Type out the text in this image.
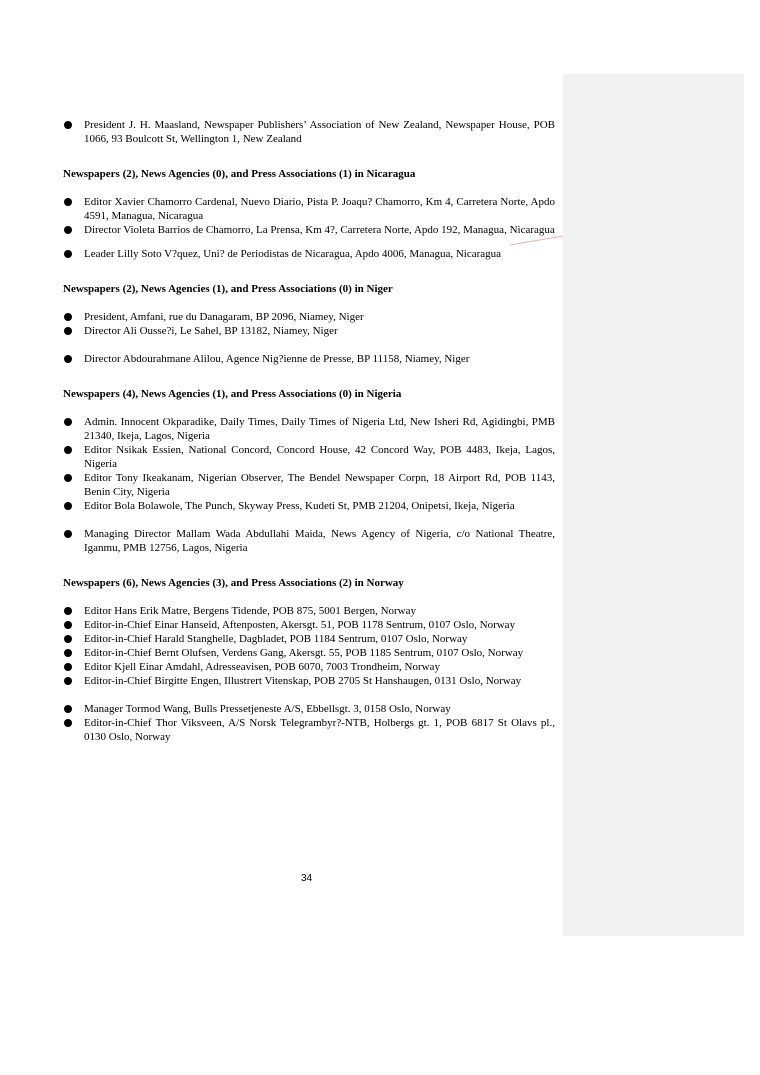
President J. H. Maasland, Newspaper Publishers’ Association of New Zealand, Newspaper House, POB 1066, 93 Boulcott St, Wellington 1, New Zealand

Newspapers (2), News Agencies (0), and Press Associations (1) in Nicaragua

Editor Xavier Chamorro Cardenal, Nuevo Diario, Pista P. Joaqu? Chamorro, Km 4, Carretera Norte, Apdo 4591, Managua, Nicaragua
Director Violeta Barrios de Chamorro, La Prensa, Km 4?, Carretera Norte, Apdo 192, Managua, Nicaragua
Leader Lilly Soto V?quez, Uni? de Periodistas de Nicaragua, Apdo 4006, Managua, Nicaragua

Newspapers (2), News Agencies (1), and Press Associations (0) in Niger

President, Amfani, rue du Danagaram, BP 2096, Niamey, Niger
Director Ali Ousse?i, Le Sahel, BP 13182, Niamey, Niger
Director Abdourahmane Alilou, Agence Nig?ienne de Presse, BP 11158, Niamey, Niger

Newspapers (4), News Agencies (1), and Press Associations (0) in Nigeria

Admin. Innocent Okparadike, Daily Times, Daily Times of Nigeria Ltd, New Isheri Rd, Agidingbi, PMB 21340, Ikeja, Lagos, Nigeria
Editor Nsikak Essien, National Concord, Concord House, 42 Concord Way, POB 4483, Ikeja, Lagos, Nigeria
Editor Tony Ikeakanam, Nigerian Observer, The Bendel Newspaper Corpn, 18 Airport Rd, POB 1143, Benin City, Nigeria
Editor Bola Bolawole, The Punch, Skyway Press, Kudeti St, PMB 21204, Onipetsi, Ikeja, Nigeria
Managing Director Mallam Wada Abdullahi Maida, News Agency of Nigeria, c/o National Theatre, Iganmu, PMB 12756, Lagos, Nigeria

Newspapers (6), News Agencies (3), and Press Associations (2) in Norway

Editor Hans Erik Matre, Bergens Tidende, POB 875, 5001 Bergen, Norway
Editor-in-Chief Einar Hanseid, Aftenposten, Akersgt. 51, POB 1178 Sentrum, 0107 Oslo, Norway
Editor-in-Chief Harald Stanghelle, Dagbladet, POB 1184 Sentrum, 0107 Oslo, Norway
Editor-in-Chief Bernt Olufsen, Verdens Gang, Akersgt. 55, POB 1185 Sentrum, 0107 Oslo, Norway
Editor Kjell Einar Amdahl, Adresseavisen, POB 6070, 7003 Trondheim, Norway
Editor-in-Chief Birgitte Engen, Illustrert Vitenskap, POB 2705 St Hanshaugen, 0131 Oslo, Norway
Manager Tormod Wang, Bulls Pressetjeneste A/S, Ebbellsgt. 3, 0158 Oslo, Norway
Editor-in-Chief Thor Viksveen, A/S Norsk Telegrambyr?-NTB, Holbergs gt. 1, POB 6817 St Olavs pl., 0130 Oslo, Norway
34
